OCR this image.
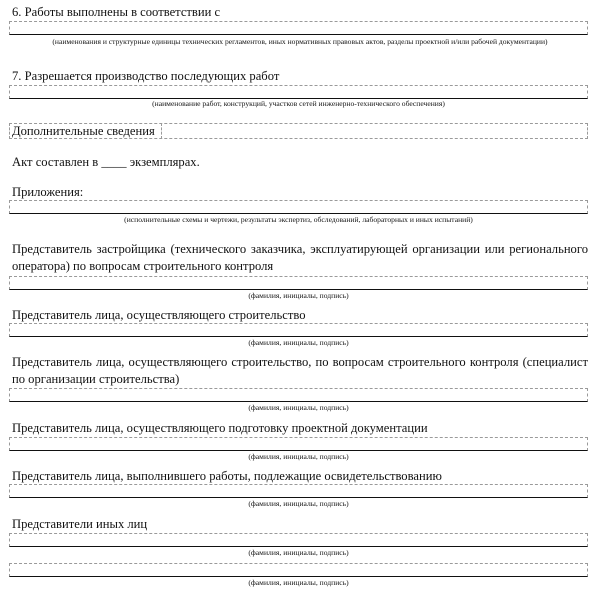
6. Работы выполнены в соответствии с
(наименования и структурные единицы технических регламентов, иных нормативных правовых актов, разделы проектной и/или рабочей документации)
7. Разрешается производство последующих работ
(наименование работ, конструкций, участков сетей инженерно-технического обеспечения)
Дополнительные сведения
Акт составлен в ____ экземплярах.
Приложения:
(исполнительные схемы и чертежи, результаты экспертиз, обследований, лабораторных и иных испытаний)
Представитель застройщика (технического заказчика, эксплуатирующей организации или регионального оператора) по вопросам строительного контроля
(фамилия, инициалы, подпись)
Представитель лица, осуществляющего строительство
(фамилия, инициалы, подпись)
Представитель лица, осуществляющего строительство, по вопросам строительного контроля (специалист по организации строительства)
(фамилия, инициалы, подпись)
Представитель лица, осуществляющего подготовку проектной документации
(фамилия, инициалы, подпись)
Представитель лица, выполнившего работы, подлежащие освидетельствованию
(фамилия, инициалы, подпись)
Представители иных лиц
(фамилия, инициалы, подпись)
(фамилия, инициалы, подпись)
